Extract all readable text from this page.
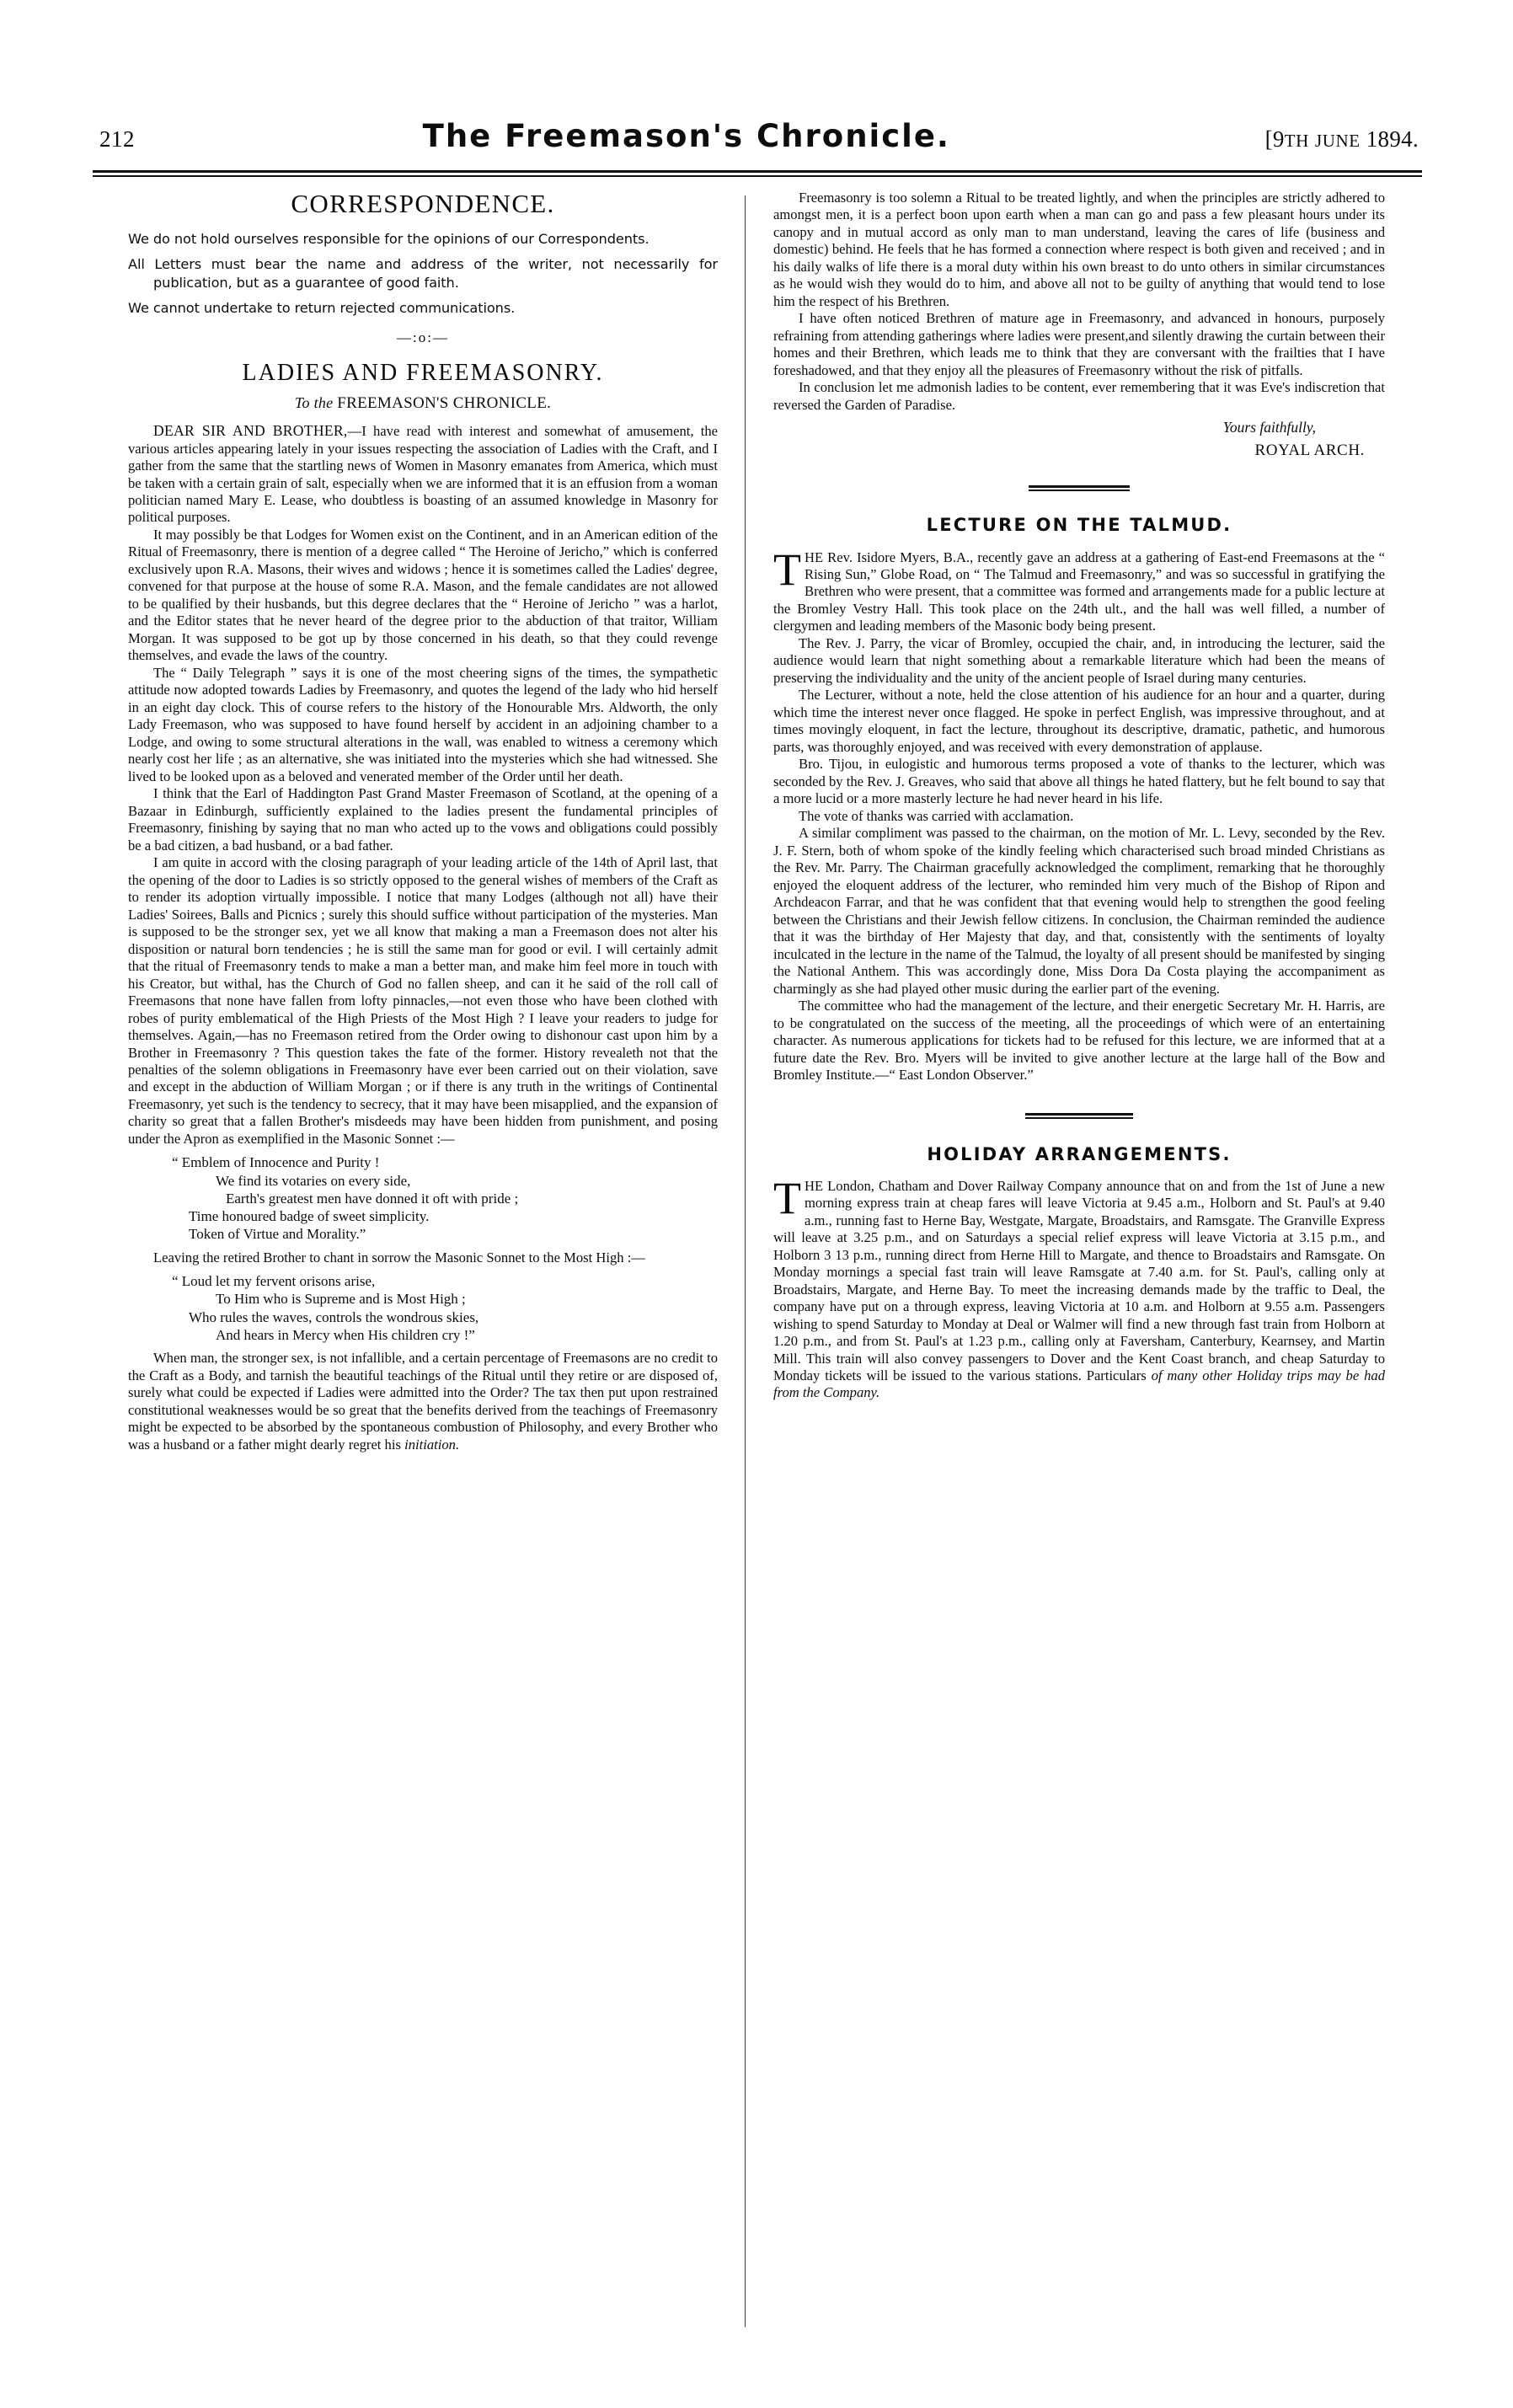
212	The Freemason's Chronicle.	[9TH JUNE 1894.
CORRESPONDENCE.

We do not hold ourselves responsible for the opinions of our Correspondents.

All Letters must bear the name and address of the writer, not necessarily for publication, but as a guarantee of good faith.

We cannot undertake to return rejected communications.

—:o:—
LADIES AND FREEMASONRY.
To the FREEMASON'S CHRONICLE.

DEAR SIR AND BROTHER,—I have read with interest and somewhat of amusement, the various articles appearing lately in your issues respecting the association of Ladies with the Craft, and I gather from the same that the startling news of Women in Masonry emanates from America, which must be taken with a certain grain of salt, especially when we are informed that it is an effusion from a woman politician named Mary E. Lease, who doubtless is boasting of an assumed knowledge in Masonry for political purposes.

It may possibly be that Lodges for Women exist on the Continent, and in an American edition of the Ritual of Freemasonry, there is mention of a degree called “ The Heroine of Jericho,” which is conferred exclusively upon R.A. Masons, their wives and widows ; hence it is sometimes called the Ladies' degree, convened for that purpose at the house of some R.A. Mason, and the female candidates are not allowed to be qualified by their husbands, but this degree declares that the “ Heroine of Jericho ” was a harlot, and the Editor states that he never heard of the degree prior to the abduction of that traitor, William Morgan. It was supposed to be got up by those concerned in his death, so that they could revenge themselves, and evade the laws of the country.

The “ Daily Telegraph ” says it is one of the most cheering signs of the times, the sympathetic attitude now adopted towards Ladies by Freemasonry, and quotes the legend of the lady who hid herself in an eight day clock. This of course refers to the history of the Honourable Mrs. Aldworth, the only Lady Freemason, who was supposed to have found herself by accident in an adjoining chamber to a Lodge, and owing to some structural alterations in the wall, was enabled to witness a ceremony which nearly cost her life ; as an alternative, she was initiated into the mysteries which she had witnessed. She lived to be looked upon as a beloved and venerated member of the Order until her death.

I think that the Earl of Haddington Past Grand Master Freemason of Scotland, at the opening of a Bazaar in Edinburgh, sufficiently explained to the ladies present the fundamental principles of Freemasonry, finishing by saying that no man who acted up to the vows and obligations could possibly be a bad citizen, a bad husband, or a bad father.

I am quite in accord with the closing paragraph of your leading article of the 14th of April last, that the opening of the door to Ladies is so strictly opposed to the general wishes of members of the Craft as to render its adoption virtually impossible. I notice that many Lodges (although not all) have their Ladies' Soirees, Balls and Picnics ; surely this should suffice without participation of the mysteries. Man is supposed to be the stronger sex, yet we all know that making a man a Freemason does not alter his disposition or natural born tendencies ; he is still the same man for good or evil. I will certainly admit that the ritual of Freemasonry tends to make a man a better man, and make him feel more in touch with his Creator, but withal, has the Church of God no fallen sheep, and can it he said of the roll call of Freemasons that none have fallen from lofty pinnacles,—not even those who have been clothed with robes of purity emblematical of the High Priests of the Most High ? I leave your readers to judge for themselves. Again,—has no Freemason retired from the Order owing to dishonour cast upon him by a Brother in Freemasonry ? This question takes the fate of the former. History revealeth not that the penalties of the solemn obligations in Freemasonry have ever been carried out on their violation, save and except in the abduction of William Morgan ; or if there is any truth in the writings of Continental Freemasonry, yet such is the tendency to secrecy, that it may have been misapplied, and the expansion of charity so great that a fallen Brother's misdeeds may have been hidden from punishment, and posing under the Apron as exemplified in the Masonic Sonnet :—

“ Emblem of Innocence and Purity !
We find its votaries on every side,
Earth's greatest men have donned it oft with pride ;
Time honoured badge of sweet simplicity.
Token of Virtue and Morality.”

Leaving the retired Brother to chant in sorrow the Masonic Sonnet to the Most High :—

“ Loud let my fervent orisons arise,
To Him who is Supreme and is Most High ;
Who rules the waves, controls the wondrous skies,
And hears in Mercy when His children cry !”

When man, the stronger sex, is not infallible, and a certain percentage of Freemasons are no credit to the Craft as a Body, and tarnish the beautiful teachings of the Ritual until they retire or are disposed of, surely what could be expected if Ladies were admitted into the Order? The tax then put upon restrained constitutional weaknesses would be so great that the benefits derived from the teachings of Freemasonry might be expected to be absorbed by the spontaneous combustion of Philosophy, and every Brother who was a husband or a father might dearly regret his initiation.

Freemasonry is too solemn a Ritual to be treated lightly, and when the principles are strictly adhered to amongst men, it is a perfect boon upon earth when a man can go and pass a few pleasant hours under its canopy and in mutual accord as only man to man understand, leaving the cares of life (business and domestic) behind. He feels that he has formed a connection where respect is both given and received ; and in his daily walks of life there is a moral duty within his own breast to do unto others in similar circumstances as he would wish they would do to him, and above all not to be guilty of anything that would tend to lose him the respect of his Brethren.

I have often noticed Brethren of mature age in Freemasonry, and advanced in honours, purposely refraining from attending gatherings where ladies were present,and silently drawing the curtain between their homes and their Brethren, which leads me to think that they are conversant with the frailties that I have foreshadowed, and that they enjoy all the pleasures of Freemasonry without the risk of pitfalls.

In conclusion let me admonish ladies to be content, ever remembering that it was Eve's indiscretion that reversed the Garden of Paradise.

Yours faithfully,

ROYAL ARCH.

LECTURE ON THE TALMUD.

THE Rev. Isidore Myers, B.A., recently gave an address at a gathering of East-end Freemasons at the “ Rising Sun,” Globe Road, on “ The Talmud and Freemasonry,” and was so successful in gratifying the Brethren who were present, that a committee was formed and arrangements made for a public lecture at the Bromley Vestry Hall. This took place on the 24th ult., and the hall was well filled, a number of clergymen and leading members of the Masonic body being present.

The Rev. J. Parry, the vicar of Bromley, occupied the chair, and, in introducing the lecturer, said the audience would learn that night something about a remarkable literature which had been the means of preserving the individuality and the unity of the ancient people of Israel during many centuries.

The Lecturer, without a note, held the close attention of his audience for an hour and a quarter, during which time the interest never once flagged. He spoke in perfect English, was impressive throughout, and at times movingly eloquent, in fact the lecture, throughout its descriptive, dramatic, pathetic, and humorous parts, was thoroughly enjoyed, and was received with every demonstration of applause.

Bro. Tijou, in eulogistic and humorous terms proposed a vote of thanks to the lecturer, which was seconded by the Rev. J. Greaves, who said that above all things he hated flattery, but he felt bound to say that a more lucid or a more masterly lecture he had never heard in his life.

The vote of thanks was carried with acclamation.

A similar compliment was passed to the chairman, on the motion of Mr. L. Levy, seconded by the Rev. J. F. Stern, both of whom spoke of the kindly feeling which characterised such broad minded Christians as the Rev. Mr. Parry. The Chairman gracefully acknowledged the compliment, remarking that he thoroughly enjoyed the eloquent address of the lecturer, who reminded him very much of the Bishop of Ripon and Archdeacon Farrar, and that he was confident that that evening would help to strengthen the good feeling between the Christians and their Jewish fellow citizens. In conclusion, the Chairman reminded the audience that it was the birthday of Her Majesty that day, and that, consistently with the sentiments of loyalty inculcated in the lecture in the name of the Talmud, the loyalty of all present should be manifested by singing the National Anthem. This was accordingly done, Miss Dora Da Costa playing the accompaniment as charmingly as she had played other music during the earlier part of the evening.

The committee who had the management of the lecture, and their energetic Secretary Mr. H. Harris, are to be congratulated on the success of the meeting, all the proceedings of which were of an entertaining character. As numerous applications for tickets had to be refused for this lecture, we are informed that at a future date the Rev. Bro. Myers will be invited to give another lecture at the large hall of the Bow and Bromley Institute.—“ East London Observer.”

HOLIDAY ARRANGEMENTS.

THE London, Chatham and Dover Railway Company announce that on and from the 1st of June a new morning express train at cheap fares will leave Victoria at 9.45 a.m., Holborn and St. Paul's at 9.40 a.m., running fast to Herne Bay, Westgate, Margate, Broadstairs, and Ramsgate. The Granville Express will leave at 3.25 p.m., and on Saturdays a special relief express will leave Victoria at 3.15 p.m., and Holborn 3 13 p.m., running direct from Herne Hill to Margate, and thence to Broadstairs and Ramsgate. On Monday mornings a special fast train will leave Ramsgate at 7.40 a.m. for St. Paul's, calling only at Broadstairs, Margate, and Herne Bay. To meet the increasing demands made by the traffic to Deal, the company have put on a through express, leaving Victoria at 10 a.m. and Holborn at 9.55 a.m. Passengers wishing to spend Saturday to Monday at Deal or Walmer will find a new through fast train from Holborn at 1.20 p.m., and from St. Paul's at 1.23 p.m., calling only at Faversham, Canterbury, Kearnsey, and Martin Mill. This train will also convey passengers to Dover and the Kent Coast branch, and cheap Saturday to Monday tickets will be issued to the various stations. Particulars of many other Holiday trips may be had from the Company.
